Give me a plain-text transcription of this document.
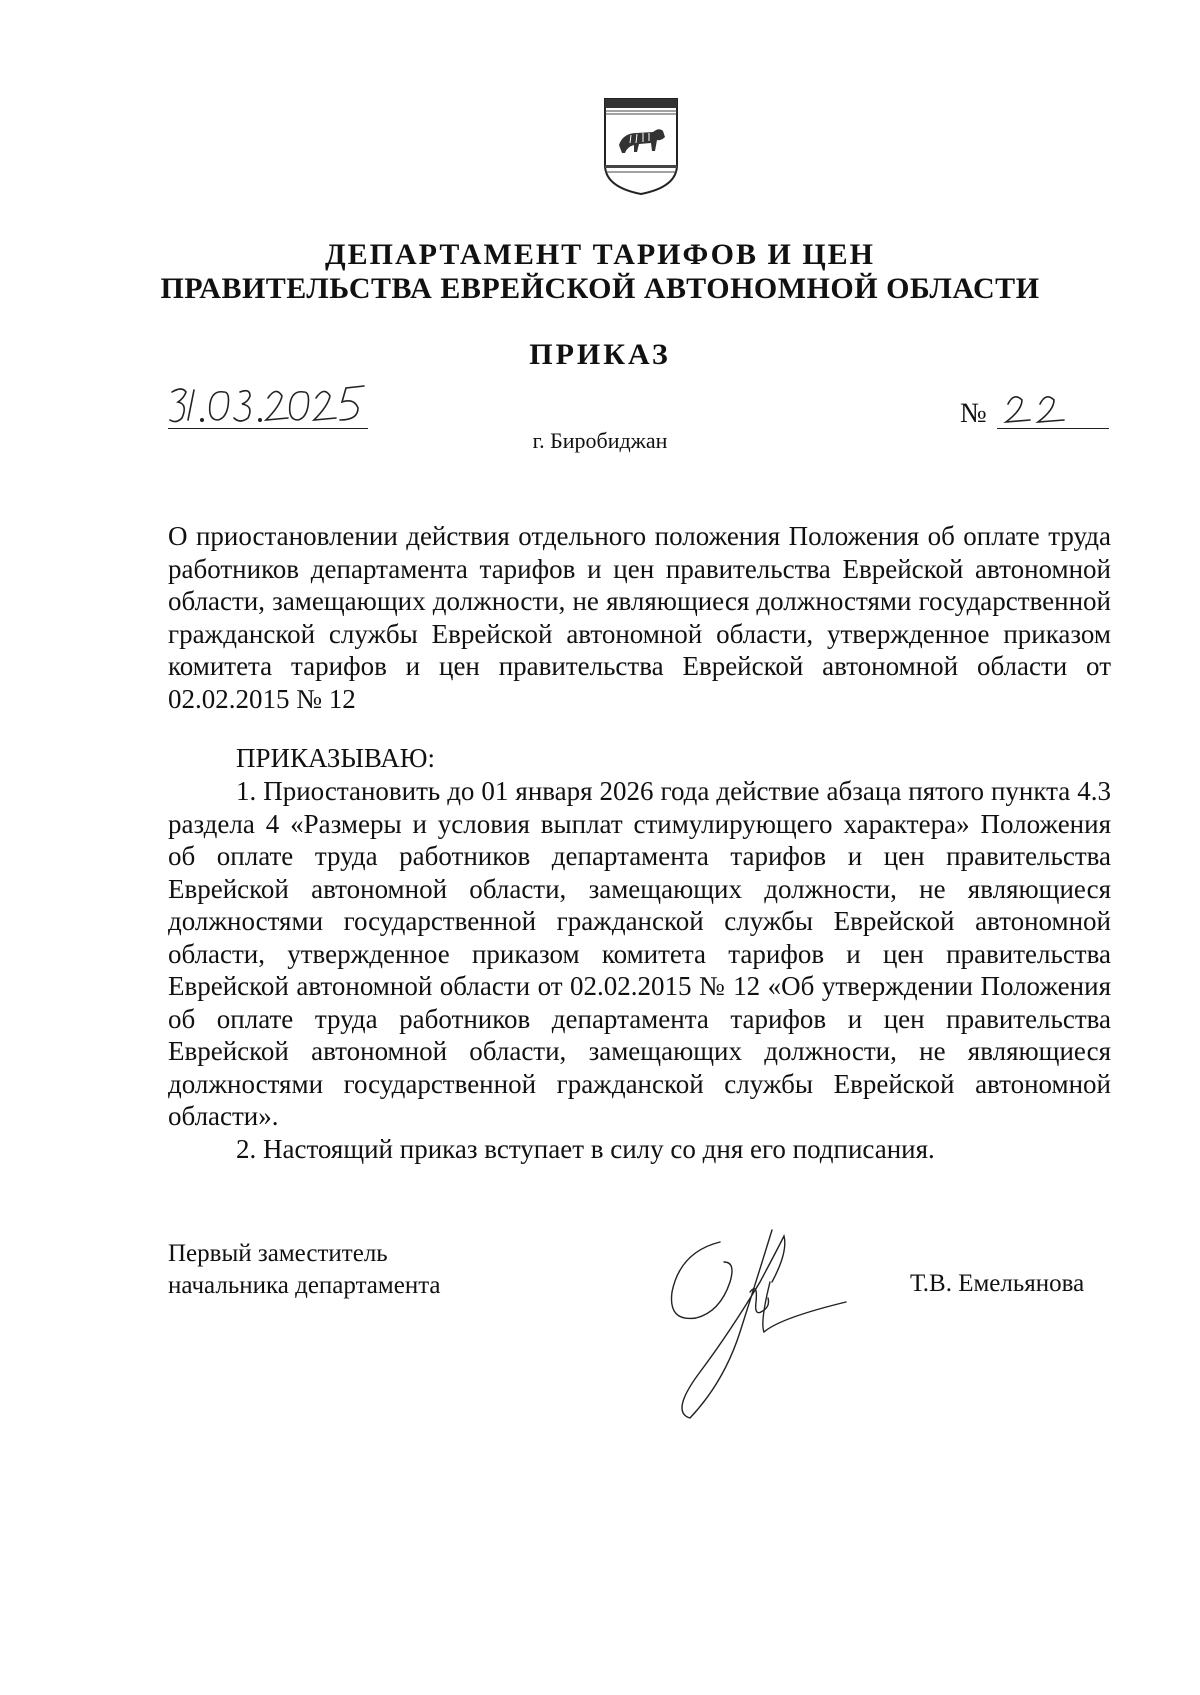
ДЕПАРТАМЕНТ ТАРИФОВ И ЦЕН
ПРАВИТЕЛЬСТВА ЕВРЕЙСКОЙ АВТОНОМНОЙ ОБЛАСТИ
ПРИКАЗ
№
г. Биробиджан
О приостановлении действия отдельного положения Положения об оплате труда работников департамента тарифов и цен правительства Еврейской автономной области, замещающих должности, не являющиеся должностями государственной гражданской службы Еврейской автономной области, утвержденное приказом комитета тарифов и цен правительства Еврейской автономной области от 02.02.2015 № 12
ПРИКАЗЫВАЮ:

1. Приостановить до 01 января 2026 года действие абзаца пятого пункта 4.3 раздела 4 «Размеры и условия выплат стимулирующего характера» Положения об оплате труда работников департамента тарифов и цен правительства Еврейской автономной области, замещающих должности, не являющиеся должностями государственной гражданской службы Еврейской автономной области, утвержденное приказом комитета тарифов и цен правительства Еврейской автономной области от 02.02.2015 № 12 «Об утверждении Положения об оплате труда работников департамента тарифов и цен правительства Еврейской автономной области, замещающих должности, не являющиеся должностями государственной гражданской службы Еврейской автономной области».

2. Настоящий приказ вступает в силу со дня его подписания.

Первый заместитель
начальника департамента	Т.В. Емельянова
